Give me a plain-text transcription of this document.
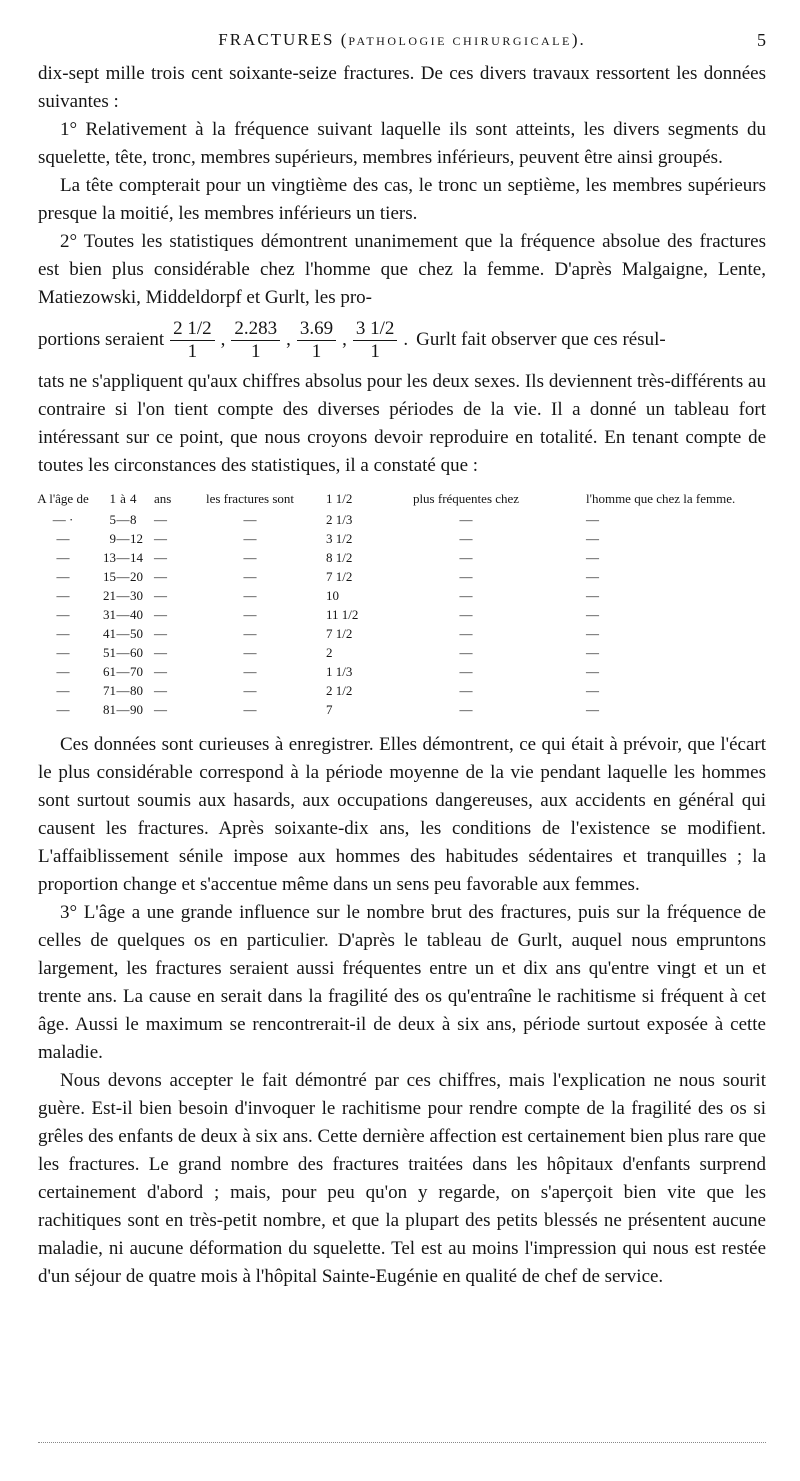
FRACTURES (PATHOLOGIE CHIRURGICALE).	5

dix-sept mille trois cent soixante-seize fractures. De ces divers travaux ressortent les données suivantes :

1° Relativement à la fréquence suivant laquelle ils sont atteints, les divers segments du squelette, tête, tronc, membres supérieurs, membres inférieurs, peuvent être ainsi groupés.

La tête compterait pour un vingtième des cas, le tronc un septième, les membres supérieurs presque la moitié, les membres inférieurs un tiers.

2° Toutes les statistiques démontrent unanimement que la fréquence absolue des fractures est bien plus considérable chez l'homme que chez la femme. D'après Malgaigne, Lente, Matiezowski, Middeldorpf et Gurlt, les pro-

portions seraient $\frac{2 1/2}{1}$ , $\frac{2.283}{1}$ , $\frac{3.69}{1}$ , $\frac{3 1/2}{1}$ . Gurlt fait observer que ces résul-

tats ne s'appliquent qu'aux chiffres absolus pour les deux sexes. Ils deviennent très-différents au contraire si l'on tient compte des diverses périodes de la vie. Il a donné un tableau fort intéressant sur ce point, que nous croyons devoir reproduire en totalité. En tenant compte de toutes les circonstances des statistiques, il a constaté que :

A l'âge de	1	à	4	ans	les fractures sont	1 1/2	plus fréquentes chez	l'homme que chez la femme.
— ·	5	—	8	—	—	2 1/3	—	—
—	9	—	12	—	—	3 1/2	—	—
—	13	—	14	—	—	8 1/2	—	—
—	15	—	20	—	—	7 1/2	—	—
—	21	—	30	—	—	10	—	—
—	31	—	40	—	—	11 1/2	—	—
—	41	—	50	—	—	7 1/2	—	—
—	51	—	60	—	—	2	—	—
—	61	—	70	—	—	1 1/3	—	—
—	71	—	80	—	—	2 1/2	—	—
—	81	—	90	—	—	7	—	—

Ces données sont curieuses à enregistrer. Elles démontrent, ce qui était à prévoir, que l'écart le plus considérable correspond à la période moyenne de la vie pendant laquelle les hommes sont surtout soumis aux hasards, aux occupations dangereuses, aux accidents en général qui causent les fractures. Après soixante-dix ans, les conditions de l'existence se modifient. L'affaiblissement sénile impose aux hommes des habitudes sédentaires et tranquilles ; la proportion change et s'accentue même dans un sens peu favorable aux femmes.

3° L'âge a une grande influence sur le nombre brut des fractures, puis sur la fréquence de celles de quelques os en particulier. D'après le tableau de Gurlt, auquel nous empruntons largement, les fractures seraient aussi fréquentes entre un et dix ans qu'entre vingt et un et trente ans. La cause en serait dans la fragilité des os qu'entraîne le rachitisme si fréquent à cet âge. Aussi le maximum se rencontrerait-il de deux à six ans, période surtout exposée à cette maladie.

Nous devons accepter le fait démontré par ces chiffres, mais l'explication ne nous sourit guère. Est-il bien besoin d'invoquer le rachitisme pour rendre compte de la fragilité des os si grêles des enfants de deux à six ans. Cette dernière affection est certainement bien plus rare que les fractures. Le grand nombre des fractures traitées dans les hôpitaux d'enfants surprend certainement d'abord ; mais, pour peu qu'on y regarde, on s'aperçoit bien vite que les rachitiques sont en très-petit nombre, et que la plupart des petits blessés ne présentent aucune maladie, ni aucune déformation du squelette. Tel est au moins l'impression qui nous est restée d'un séjour de quatre mois à l'hôpital Sainte-Eugénie en qualité de chef de service.
